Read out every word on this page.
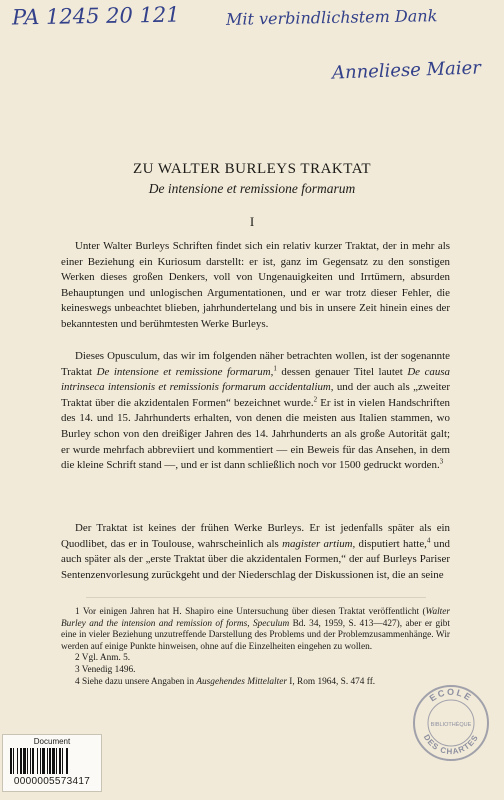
PA 1245 20 121	Mit verbindlichstem Dank
Anneliese Maier
ZU WALTER BURLEYS TRAKTAT
De intensione et remissione formarum
I

Unter Walter Burleys Schriften findet sich ein relativ kurzer Traktat, der in mehr als einer Beziehung ein Kuriosum darstellt: er ist, ganz im Gegensatz zu den sonstigen Werken dieses großen Denkers, voll von Ungenauigkeiten und Irrtümern, absurden Behauptungen und unlogischen Argumentationen, und er war trotz dieser Fehler, die keineswegs unbeachtet blieben, jahrhundertelang und bis in unsere Zeit hinein eines der bekanntesten und berühmtesten Werke Burleys.

Dieses Opusculum, das wir im folgenden näher betrachten wollen, ist der sogenannte Traktat De intensione et remissione formarum,$^1$ dessen genauer Titel lautet De causa intrinseca intensionis et remissionis formarum accidentalium, und der auch als „zweiter Traktat über die akzidentalen Formen“ bezeichnet wurde.$^2$ Er ist in vielen Handschriften des 14. und 15. Jahrhunderts erhalten, von denen die meisten aus Italien stammen, wo Burley schon von den dreißiger Jahren des 14. Jahrhunderts an als große Autorität galt; er wurde mehrfach abbreviiert und kommentiert — ein Beweis für das Ansehen, in dem die kleine Schrift stand —, und er ist dann schließlich noch vor 1500 gedruckt worden.$^3$

Der Traktat ist keines der frühen Werke Burleys. Er ist jedenfalls später als ein Quodlibet, das er in Toulouse, wahrscheinlich als magister artium, disputiert hatte,$^4$ und auch später als der „erste Traktat über die akzidentalen Formen,“ der auf Burleys Pariser Sentenzenvorlesung zurückgeht und der Niederschlag der Diskussionen ist, die an seine

1 Vor einigen Jahren hat H. Shapiro eine Untersuchung über diesen Traktat veröffentlicht (Walter Burley and the intension and remission of forms, Speculum Bd. 34, 1959, S. 413—427), aber er gibt eine in vieler Beziehung unzutreffende Darstellung des Problems und der Problemzusammenhänge. Wir werden auf einige Punkte hinweisen, ohne auf die Einzelheiten eingehen zu wollen.

2 Vgl. Anm. 5.

3 Venedig 1496.

4 Siehe dazu unsere Angaben in Ausgehendes Mittelalter I, Rom 1964, S. 474 ff.

ECOLE
BIBLIOTHÈQUE
DES CHARTES
Document
0000005573417
